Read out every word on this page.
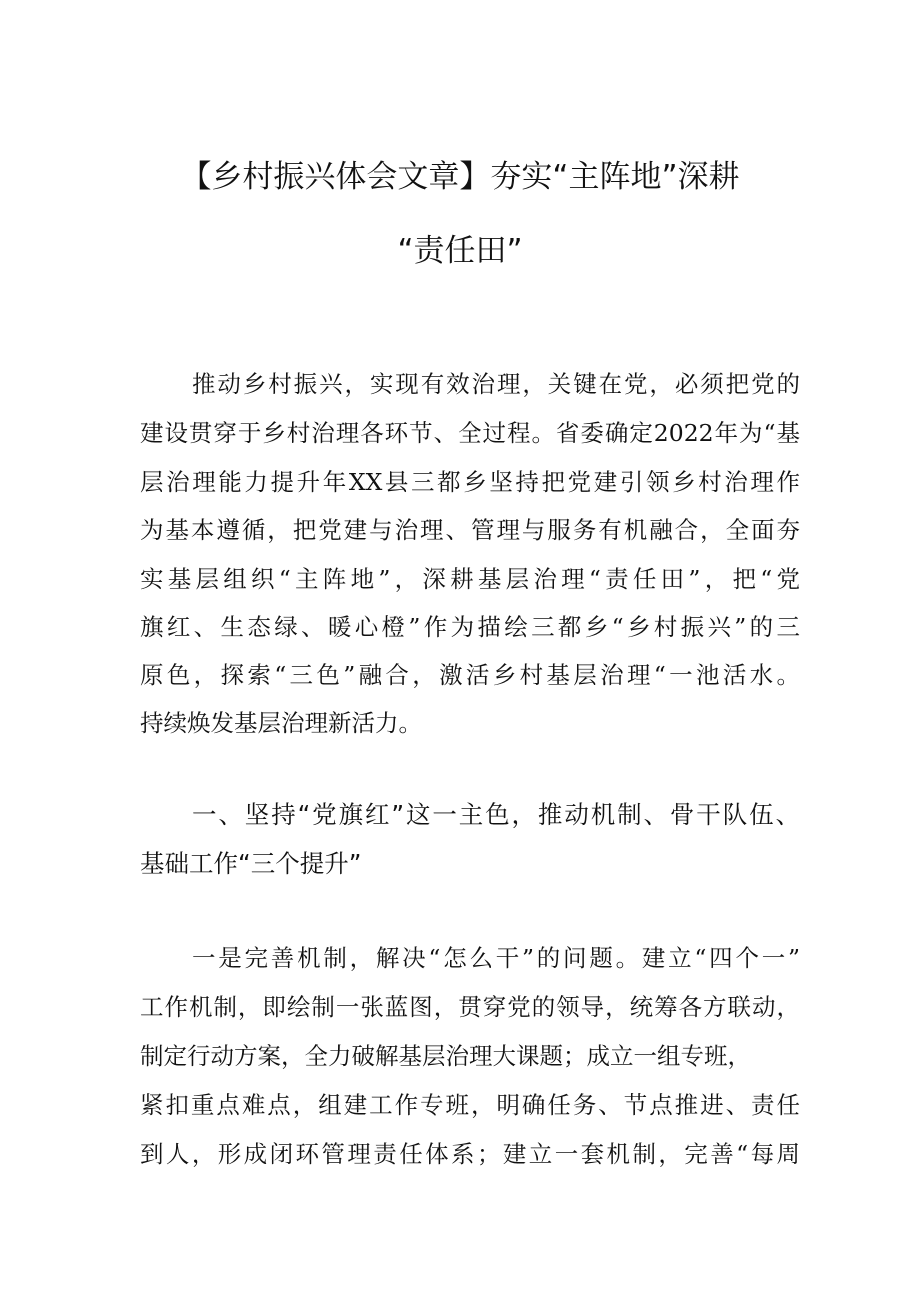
【乡村振兴体会文章】夯实“主阵地”深耕
“责任田”
推动乡村振兴，实现有效治理，关键在党，必须把党的
建设贯穿于乡村治理各环节、全过程。省委确定2022年为“基
层治理能力提升年XX县三都乡坚持把党建引领乡村治理作
为基本遵循，把党建与治理、管理与服务有机融合，全面夯
实基层组织“主阵地”，深耕基层治理“责任田”，把“党
旗红、生态绿、暖心橙”作为描绘三都乡“乡村振兴”的三
原色，探索“三色”融合，激活乡村基层治理“一池活水。
持续焕发基层治理新活力。
一、坚持“党旗红”这一主色，推动机制、骨干队伍、
基础工作“三个提升”
一是完善机制，解决“怎么干”的问题。建立“四个一”
工作机制，即绘制一张蓝图，贯穿党的领导，统筹各方联动，
制定行动方案，全力破解基层治理大课题；成立一组专班，
紧扣重点难点，组建工作专班，明确任务、节点推进、责任
到人，形成闭环管理责任体系；建立一套机制，完善“每周
